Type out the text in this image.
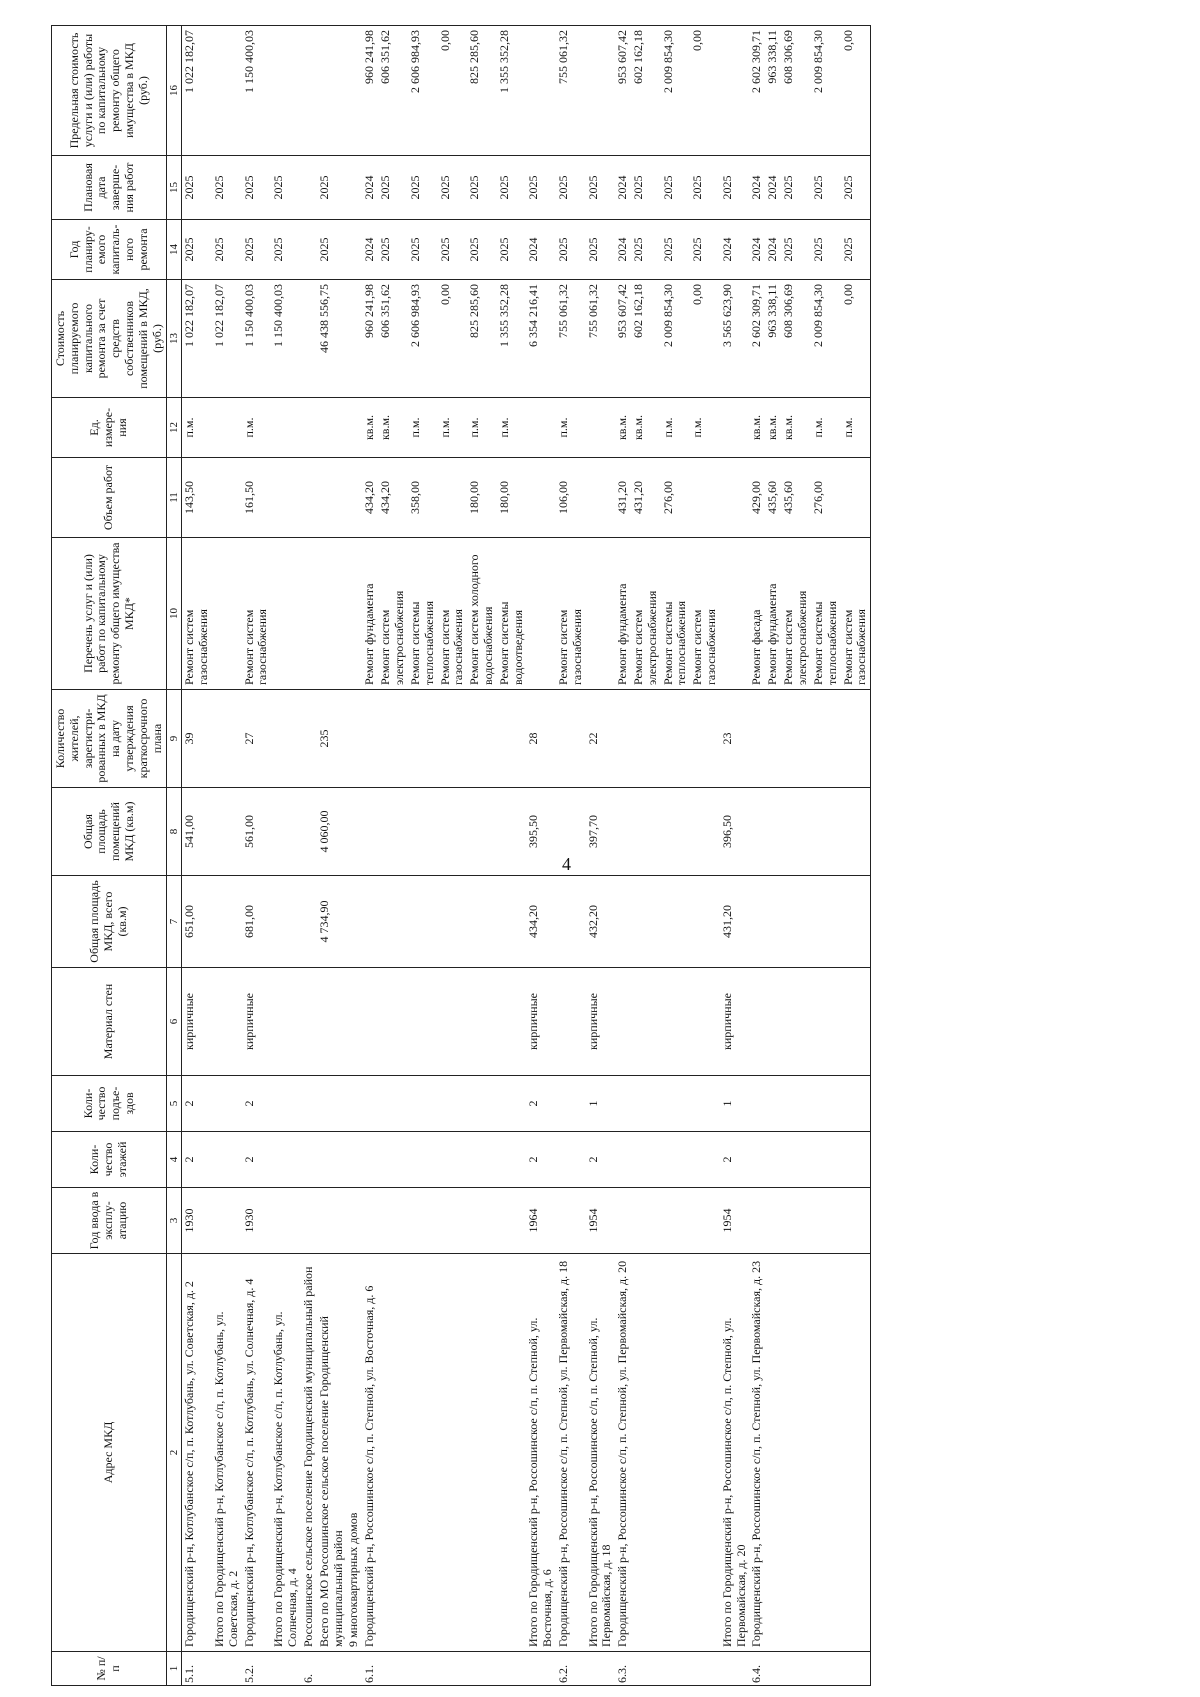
4
№ п/п	Адрес МКД	Год ввода в эксплу-атацию	Коли-чество этажей	Коли-чество подъе-здов	Материал стен	Общая площадь МКД, всего (кв.м)	Общая площадь помещений МКД (кв.м)	Количество жителей, зарегистри-рованных в МКД на дату утверждения краткосрочного плана	Перечень услуг и (или) работ по капитальному ремонту общего имущества МКД*	Объем работ	Ед. измере-ния	Стоимость планируемого капитального ремонта за счет средств собственников помещений в МКД, (руб.)	Год планиру-емого капиталь-ного ремонта	Плановая дата заверше-ния работ	Предельная стоимость услуги и (или) работы по капитальному ремонту общего имущества в МКД (руб.)
1	2	3	4	5	6	7	8	9	10	11	12	13	14	15	16
5.1.	Городищенский р-н, Котлубанское с/п, п. Котлубань, ул. Советская, д. 2	1930	2	2	кирпичные	651,00	541,00	39	Ремонт систем газоснабжения	143,50	п.м.	1 022 182,07	2025	2025	1 022 182,07
	Итого по Городищенский р-н, Котлубанское с/п, п. Котлубань, ул. Советская, д. 2											1 022 182,07	2025	2025	
5.2.	Городищенский р-н, Котлубанское с/п, п. Котлубань, ул. Солнечная, д. 4	1930	2	2	кирпичные	681,00	561,00	27	Ремонт систем газоснабжения	161,50	п.м.	1 150 400,03	2025	2025	1 150 400,03
	Итого по Городищенский р-н, Котлубанское с/п, п. Котлубань, ул. Солнечная, д. 4											1 150 400,03	2025	2025	
6.	Россошинское сельское поселение Городищенский муниципальный район														
	Всего по МО Россошинское сельское поселение Городищенский муниципальный район					4 734,90	4 060,00	235				46 438 556,75	2025	2025	
	9 многоквартирных домов														
6.1.	Городищенский р-н, Россошинское с/п, п. Степной, ул. Восточная, д. 6								Ремонт фундамента	434,20	кв.м.	960 241,98	2024	2024	960 241,98
									Ремонт систем электроснабжения	434,20	кв.м.	606 351,62	2025	2025	606 351,62
									Ремонт системы теплоснабжения	358,00	п.м.	2 606 984,93	2025	2025	2 606 984,93
									Ремонт систем газоснабжения		п.м.	0,00	2025	2025	0,00
									Ремонт систем холодного водоснабжения	180,00	п.м.	825 285,60	2025	2025	825 285,60
									Ремонт системы водоотведения	180,00	п.м.	1 355 352,28	2025	2025	1 355 352,28
	Итого по Городищенский р-н, Россошинское с/п, п. Степной, ул. Восточная, д. 6	1964	2	2	кирпичные	434,20	395,50	28				6 354 216,41	2024	2025	
6.2.	Городищенский р-н, Россошинское с/п, п. Степной, ул. Первомайская, д. 18								Ремонт систем газоснабжения	106,00	п.м.	755 061,32	2025	2025	755 061,32
	Итого по Городищенский р-н, Россошинское с/п, п. Степной, ул. Первомайская, д. 18	1954	2	1	кирпичные	432,20	397,70	22				755 061,32	2025	2025	
6.3.	Городищенский р-н, Россошинское с/п, п. Степной, ул. Первомайская, д. 20								Ремонт фундамента	431,20	кв.м.	953 607,42	2024	2024	953 607,42
									Ремонт систем электроснабжения	431,20	кв.м.	602 162,18	2025	2025	602 162,18
									Ремонт системы теплоснабжения	276,00	п.м.	2 009 854,30	2025	2025	2 009 854,30
									Ремонт систем газоснабжения		п.м.	0,00	2025	2025	0,00
	Итого по Городищенский р-н, Россошинское с/п, п. Степной, ул. Первомайская, д. 20	1954	2	1	кирпичные	431,20	396,50	23				3 565 623,90	2024	2025	
6.4.	Городищенский р-н, Россошинское с/п, п. Степной, ул. Первомайская, д. 23								Ремонт фасада	429,00	кв.м.	2 602 309,71	2024	2024	2 602 309,71
									Ремонт фундамента	435,60	кв.м.	963 338,11	2024	2024	963 338,11
									Ремонт систем электроснабжения	435,60	кв.м.	608 306,69	2025	2025	608 306,69
									Ремонт системы теплоснабжения	276,00	п.м.	2 009 854,30	2025	2025	2 009 854,30
									Ремонт систем газоснабжения		п.м.	0,00	2025	2025	0,00
